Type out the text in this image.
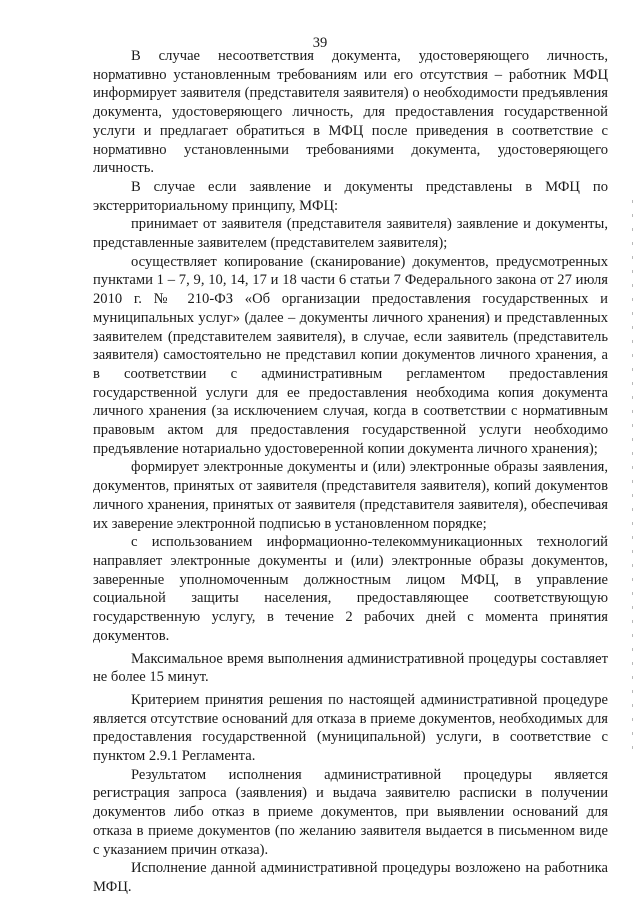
39

В случае несоответствия документа, удостоверяющего личность, нормативно установленным требованиям или его отсутствия – работник МФЦ информирует заявителя (представителя заявителя) о необходимости предъявления документа, удостоверяющего личность, для предоставления государственной услуги и предлагает обратиться в МФЦ после приведения в соответствие с нормативно установленными требованиями документа, удостоверяющего личность.

В случае если заявление и документы представлены в МФЦ по экстерриториальному принципу, МФЦ:

принимает от заявителя (представителя заявителя) заявление и документы, представленные заявителем (представителем заявителя);

осуществляет копирование (сканирование) документов, предусмотренных пунктами 1 – 7, 9, 10, 14, 17 и 18 части 6 статьи 7 Федерального закона от 27 июля 2010 г. № 210-ФЗ «Об организации предоставления государственных и муниципальных услуг» (далее – документы личного хранения) и представленных заявителем (представителем заявителя), в случае, если заявитель (представитель заявителя) самостоятельно не представил копии документов личного хранения, а в соответствии с административным регламентом предоставления государственной услуги для ее предоставления необходима копия документа личного хранения (за исключением случая, когда в соответствии с нормативным правовым актом для предоставления государственной услуги необходимо предъявление нотариально удостоверенной копии документа личного хранения);

формирует электронные документы и (или) электронные образы заявления, документов, принятых от заявителя (представителя заявителя), копий документов личного хранения, принятых от заявителя (представителя заявителя), обеспечивая их заверение электронной подписью в установленном порядке;

с использованием информационно-телекоммуникационных технологий направляет электронные документы и (или) электронные образы документов, заверенные уполномоченным должностным лицом МФЦ, в управление социальной защиты населения, предоставляющее соответствующую государственную услугу, в течение 2 рабочих дней с момента принятия документов.

Максимальное время выполнения административной процедуры составляет не более 15 минут.

Критерием принятия решения по настоящей административной процедуре является отсутствие оснований для отказа в приеме документов, необходимых для предоставления государственной (муниципальной) услуги, в соответствие с пунктом 2.9.1 Регламента.

Результатом исполнения административной процедуры является регистрация запроса (заявления) и выдача заявителю расписки в получении документов либо отказ в приеме документов, при выявлении оснований для отказа в приеме документов (по желанию заявителя выдается в письменном виде с указанием причин отказа).

Исполнение данной административной процедуры возложено на работника МФЦ.
